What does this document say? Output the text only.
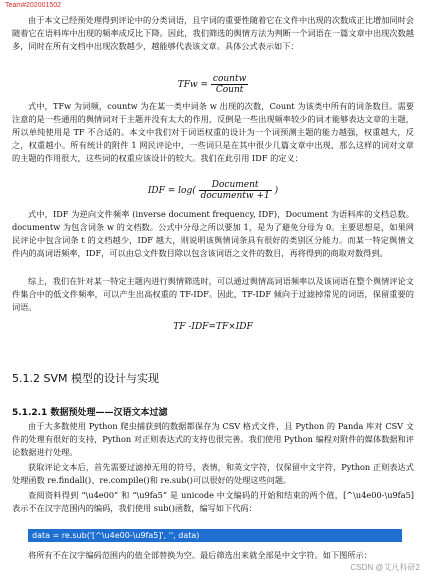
Team#202001502

由于本文已经预处理得到评论中的分类词语，且字词的重要性随着它在文件中出现的次数成正比增加同时会随着它在语料库中出现的频率成反比下降。因此，我们筛选的舆情方法为判断一个词语在一篇文章中出现次数越多，同时在所有文档中出现次数越少，越能够代表该文章。具体公式表示如下：

TFw = $\frac{\text{countw}}{\text{Count}}$

式中，TFw 为词频，countw 为在某一类中词条 w 出现的次数，Count 为该类中所有的词条数目。需要注意的是一些通用的舆情词对于主题并没有太大的作用，反倒是一些出现频率较少的词才能够表达文章的主题，所以单纯使用是 TF 不合适的。本文中我们对于词语权重的设计为一个词预测主题的能力越强，权重越大，反之，权重越小。所有统计的附件 1 网民评论中，一些词只是在其中很少几篇文章中出现，那么这样的词对文章的主题的作用很大，这些词的权重应该设计的较大。我们在此引用 IDF 的定义：

IDF = $\log( \frac{\text{Document}}{\text{documentw +1}}$ )

式中，IDF 为逆向文件频率 (inverse document frequency, IDF)，Document 为语料库的文档总数。documentw 为包含词条 w 的文档数。公式中分母之所以要加 1，是为了避免分母为 0。主要思想是，如果网民评论中包含词条 t 的文档越少，IDF 越大，则说明该舆情词条具有很好的类别区分能力。而某一特定舆情文件内的高词语频率，IDF，可以由总文件数目除以包含该词语之文件的数目，再将得到的商取对数得到。

综上，我们在针对某一特定主题内进行舆情筛选时，可以通过舆情高词语频率以及该词语在整个舆情评论文件集合中的低文件频率，可以产生出高权重的 TF-IDF。因此，TF-IDF 倾向于过滤掉常见的词语，保留重要的词语。

TF -IDF=TF×IDF
5.1.2 SVM 模型的设计与实现
5.1.2.1 数据预处理——汉语文本过滤

由于大多数使用 Python 爬虫捕获到的数据都保存为 CSV 格式文件，且 Python 的 Panda 库对 CSV 文件的处理有很好的支持，Python 对正则表达式的支持也很完善。我们使用 Python 编程对附件的媒体数据和评论数据进行处理。

获取评论文本后，首先需要过滤掉无用的符号，表情，和英文字符，仅保留中文字符，Python 正则表达式处理函数 re.findall()、re.compile()和 re.sub()可以很好的处理这些问题。

查阅资料得到 “\u4e00” 和 “\u9fa5” 是 unicode 中文编码的开始和结束的两个值，[^\u4e00-\u9fa5]表示不在汉字范围内的编码，我们使用 sub()函数，编写如下代码：

data = re.sub('[^\u4e00-\u9fa5]', '', data)

将所有不在汉字编码范围内的值全部替换为空。最后筛选出来就全部是中文字符。如下图所示：

CSDN @艾凡科研2
